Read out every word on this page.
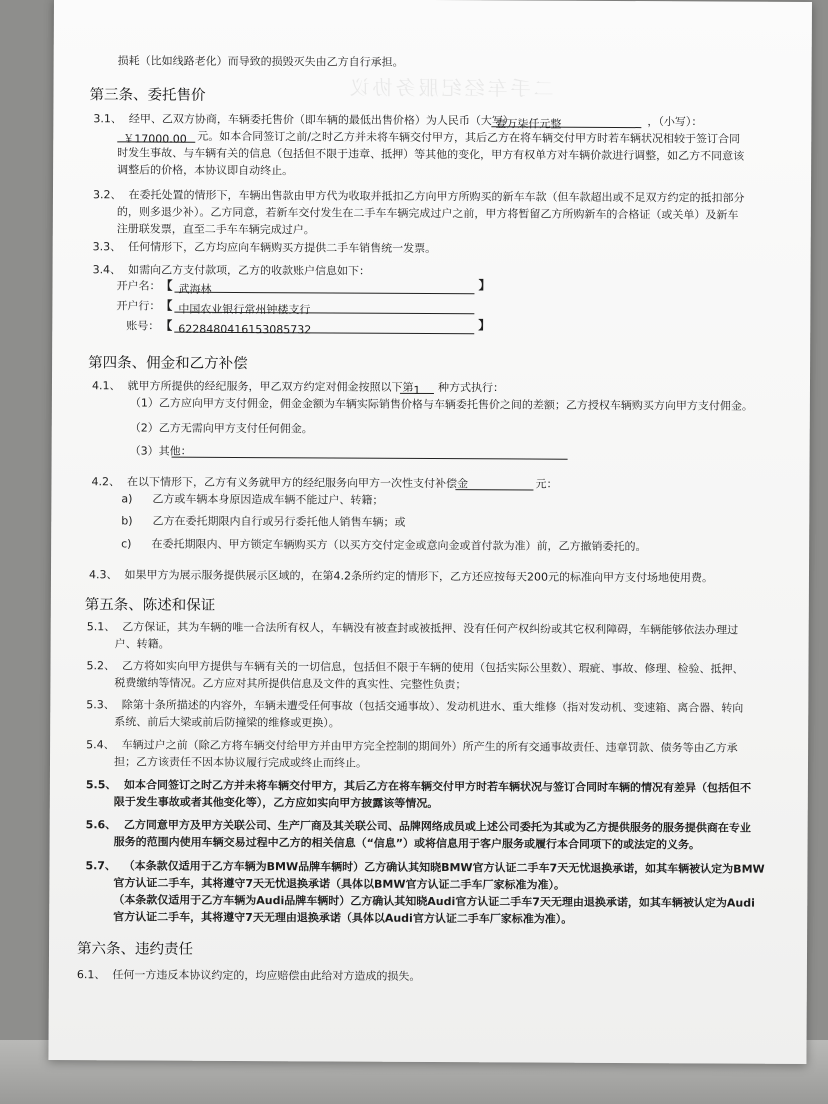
二手车经纪服务协议
损耗（比如线路老化）而导致的损毁灭失由乙方自行承担。
第三条、委托售价
3.1、 经甲、乙双方协商，车辆委托售价（即车辆的最低出售价格）为人民币（大写）
壹万柒仟元整	，（小写）：
￥17000.00 元。如本合同签订之前/之时乙方并未将车辆交付甲方，其后乙方在将车辆交付甲方时若车辆状况相较于签订合同
时发生事故、与车辆有关的信息（包括但不限于违章、抵押）等其他的变化，甲方有权单方对车辆价款进行调整，如乙方不同意该
调整后的价格，本协议即自动终止。
3.2、 在委托处置的情形下，车辆出售款由甲方代为收取并抵扣乙方向甲方所购买的新车车款（但车款超出或不足双方约定的抵扣部分
的，则多退少补）。乙方同意，若新车交付发生在二手车车辆完成过户之前，甲方将暂留乙方所购新车的合格证（或关单）及新车
注册联发票，直至二手车车辆完成过户。
3.3、 任何情形下，乙方均应向车辆购买方提供二手车销售统一发票。
3.4、 如需向乙方支付款项，乙方的收款账户信息如下：
开户名： 【 武海林	】
开户行： 【 中国农业银行常州钟楼支行
账号： 【 6228480416153085732	】
第四条、佣金和乙方补偿
4.1、 就甲方所提供的经纪服务，甲乙双方约定对佣金按照以下第 1	种方式执行：
（1）乙方应向甲方支付佣金，佣金金额为车辆实际销售价格与车辆委托售价之间的差额；乙方授权车辆购买方向甲方支付佣金。
（2）乙方无需向甲方支付任何佣金。
（3）其他：
4.2、 在以下情形下，乙方有义务就甲方的经纪服务向甲方一次性支付补偿金	元：
a) 乙方或车辆本身原因造成车辆不能过户、转籍；
b) 乙方在委托期限内自行或另行委托他人销售车辆；或
c) 在委托期限内、甲方锁定车辆购买方（以买方交付定金或意向金或首付款为准）前，乙方撤销委托的。
4.3、 如果甲方为展示服务提供展示区域的，在第4.2条所约定的情形下，乙方还应按每天200元的标准向甲方支付场地使用费。
第五条、陈述和保证
5.1、 乙方保证，其为车辆的唯一合法所有权人，车辆没有被查封或被抵押、没有任何产权纠纷或其它权利障碍，车辆能够依法办理过
户、转籍。
5.2、 乙方将如实向甲方提供与车辆有关的一切信息，包括但不限于车辆的使用（包括实际公里数）、瑕疵、事故、修理、检验、抵押、
税费缴纳等情况。乙方应对其所提供信息及文件的真实性、完整性负责；
5.3、 除第十条所描述的内容外，车辆未遭受任何事故（包括交通事故）、发动机进水、重大维修（指对发动机、变速箱、离合器、转向
系统、前后大梁或前后防撞梁的维修或更换）。
5.4、 车辆过户之前（除乙方将车辆交付给甲方并由甲方完全控制的期间外）所产生的所有交通事故责任、违章罚款、债务等由乙方承
担；乙方该责任不因本协议履行完成或终止而终止。
5.5、 如本合同签订之时乙方并未将车辆交付甲方，其后乙方在将车辆交付甲方时若车辆状况与签订合同时车辆的情况有差异（包括但不
限于发生事故或者其他变化等），乙方应如实向甲方披露该等情况。
5.6、 乙方同意甲方及甲方关联公司、生产厂商及其关联公司、品牌网络成员或上述公司委托为其或为乙方提供服务的服务提供商在专业
服务的范围内使用车辆交易过程中乙方的相关信息（“信息”）或将信息用于客户服务或履行本合同项下的或法定的义务。
5.7、 （本条款仅适用于乙方车辆为BMW品牌车辆时）乙方确认其知晓BMW官方认证二手车7天无忧退换承诺，如其车辆被认定为BMW
官方认证二手车，其将遵守7天无忧退换承诺（具体以BMW官方认证二手车厂家标准为准）。
（本条款仅适用于乙方车辆为Audi品牌车辆时）乙方确认其知晓Audi官方认证二手车7天无理由退换承诺，如其车辆被认定为Audi
官方认证二手车，其将遵守7天无理由退换承诺（具体以Audi官方认证二手车厂家标准为准）。
第六条、违约责任
6.1、 任何一方违反本协议约定的，均应赔偿由此给对方造成的损失。
